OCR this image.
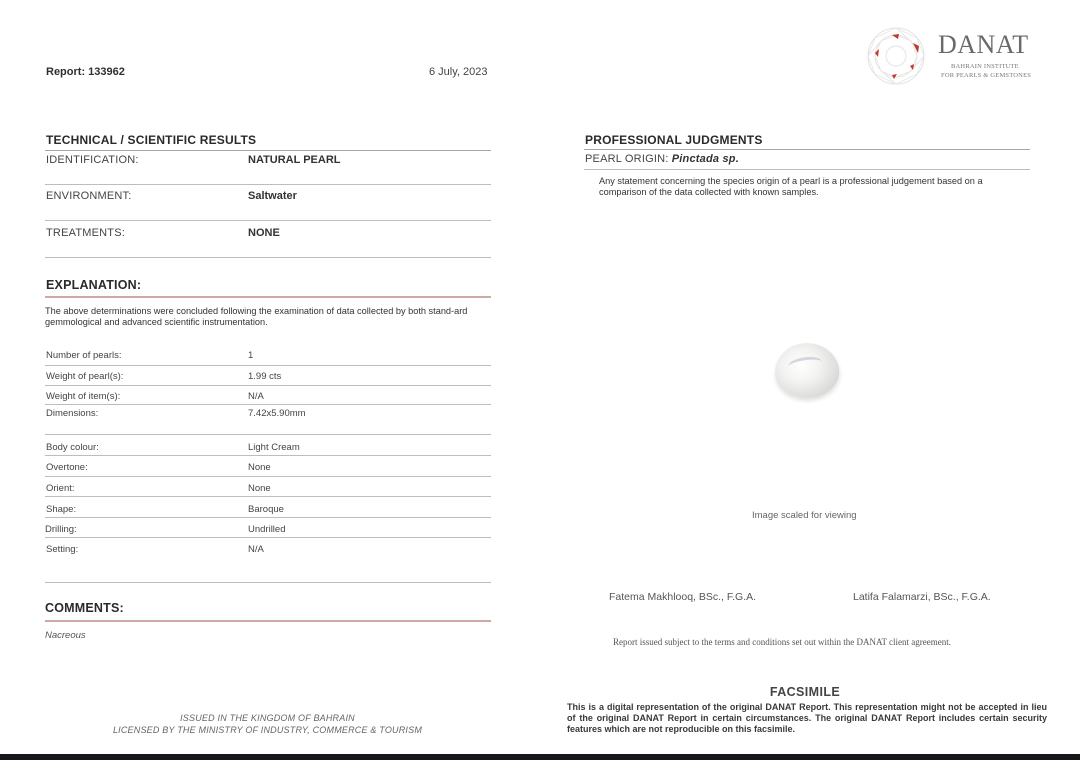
Report: 133962	6 July, 2023
DANAT
BAHRAIN INSTITUTE
FOR PEARLS & GEMSTONES
TECHNICAL / SCIENTIFIC RESULTS
IDENTIFICATION:	NATURAL PEARL
ENVIRONMENT:	Saltwater
TREATMENTS:	NONE
EXPLANATION:
The above determinations were concluded following the examination of data collected by both stand-ard gemmological and advanced scientific instrumentation.
Number of pearls:	1
Weight of pearl(s):	1.99 cts
Weight of item(s):	N/A
Dimensions:	7.42x5.90mm
Body colour:	Light Cream
Overtone:	None
Orient:	None
Shape:	Baroque
Drilling:	Undrilled
Setting:	N/A
COMMENTS:
Nacreous
ISSUED IN THE KINGDOM OF BAHRAIN
LICENSED BY THE MINISTRY OF INDUSTRY, COMMERCE & TOURISM
PROFESSIONAL JUDGMENTS
PEARL ORIGIN: Pinctada sp.
Any statement concerning the species origin of a pearl is a professional judgement based on a comparison of the data collected with known samples.
Image scaled for viewing
Fatema Makhlooq, BSc., F.G.A.	Latifa Falamarzi, BSc., F.G.A.
Report issued subject to the terms and conditions set out within the DANAT client agreement.
FACSIMILE
This is a digital representation of the original DANAT Report. This representation might not be accepted in lieu of the original DANAT Report in certain circumstances. The original DANAT Report includes certain security features which are not reproducible on this facsimile.
